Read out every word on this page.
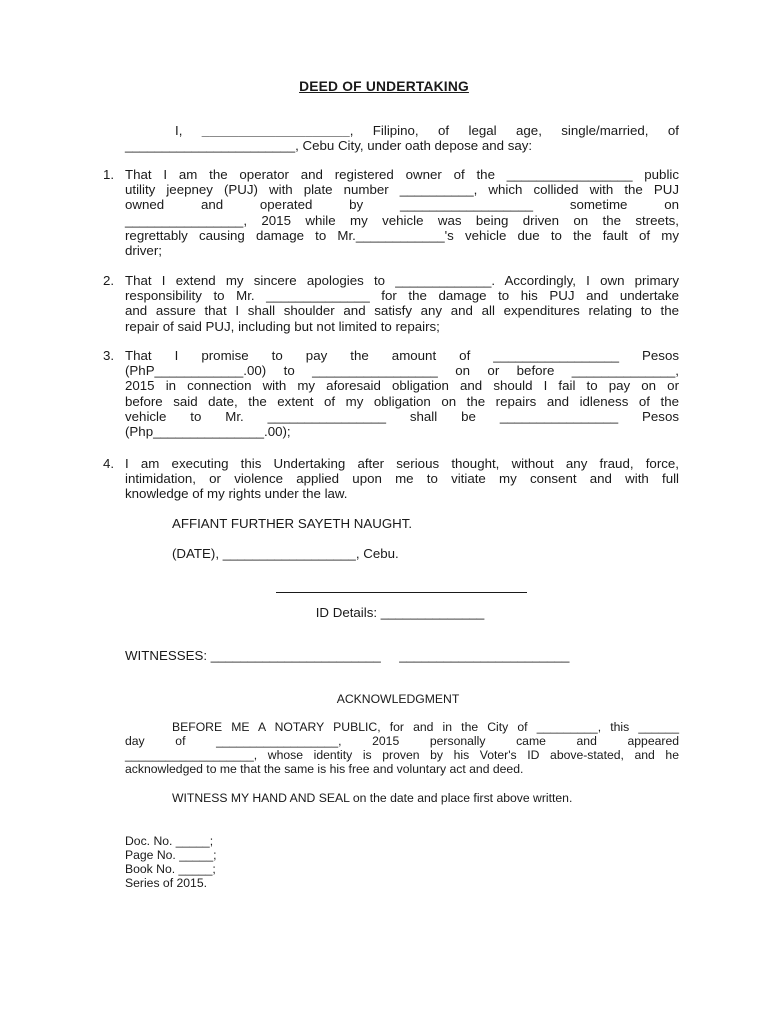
DEED OF UNDERTAKING
I, ____________________, Filipino, of legal age, single/married, of
_______________________, Cebu City, under oath depose and say:
1. That I am the operator and registered owner of the _________________ public
utility jeepney (PUJ) with plate number __________, which collided with the PUJ
owned and operated by __________________ sometime on
________________, 2015 while my vehicle was being driven on the streets,
regrettably causing damage to Mr.____________'s vehicle due to the fault of my
driver;
2. That I extend my sincere apologies to _____________. Accordingly, I own primary
responsibility to Mr. ______________ for the damage to his PUJ and undertake
and assure that I shall shoulder and satisfy any and all expenditures relating to the
repair of said PUJ, including but not limited to repairs;
3. That I promise to pay the amount of _________________ Pesos
(PhP____________.00) to _________________ on or before ______________,
2015 in connection with my aforesaid obligation and should I fail to pay on or
before said date, the extent of my obligation on the repairs and idleness of the
vehicle to Mr. ________________ shall be ________________ Pesos
(Php_______________.00);
4. I am executing this Undertaking after serious thought, without any fraud, force,
intimidation, or violence applied upon me to vitiate my consent and with full
knowledge of my rights under the law.
AFFIANT FURTHER SAYETH NAUGHT.
(DATE), __________________, Cebu.
ID Details: ______________
WITNESSES: _______________________     _______________________
ACKNOWLEDGMENT
BEFORE ME A NOTARY PUBLIC, for and in the City of _________, this ______
day of __________________, 2015 personally came and appeared
___________________, whose identity is proven by his Voter's ID above-stated, and he
acknowledged to me that the same is his free and voluntary act and deed.
WITNESS MY HAND AND SEAL on the date and place first above written.
Doc. No. _____;
Page No. _____;
Book No. _____;
Series of 2015.
